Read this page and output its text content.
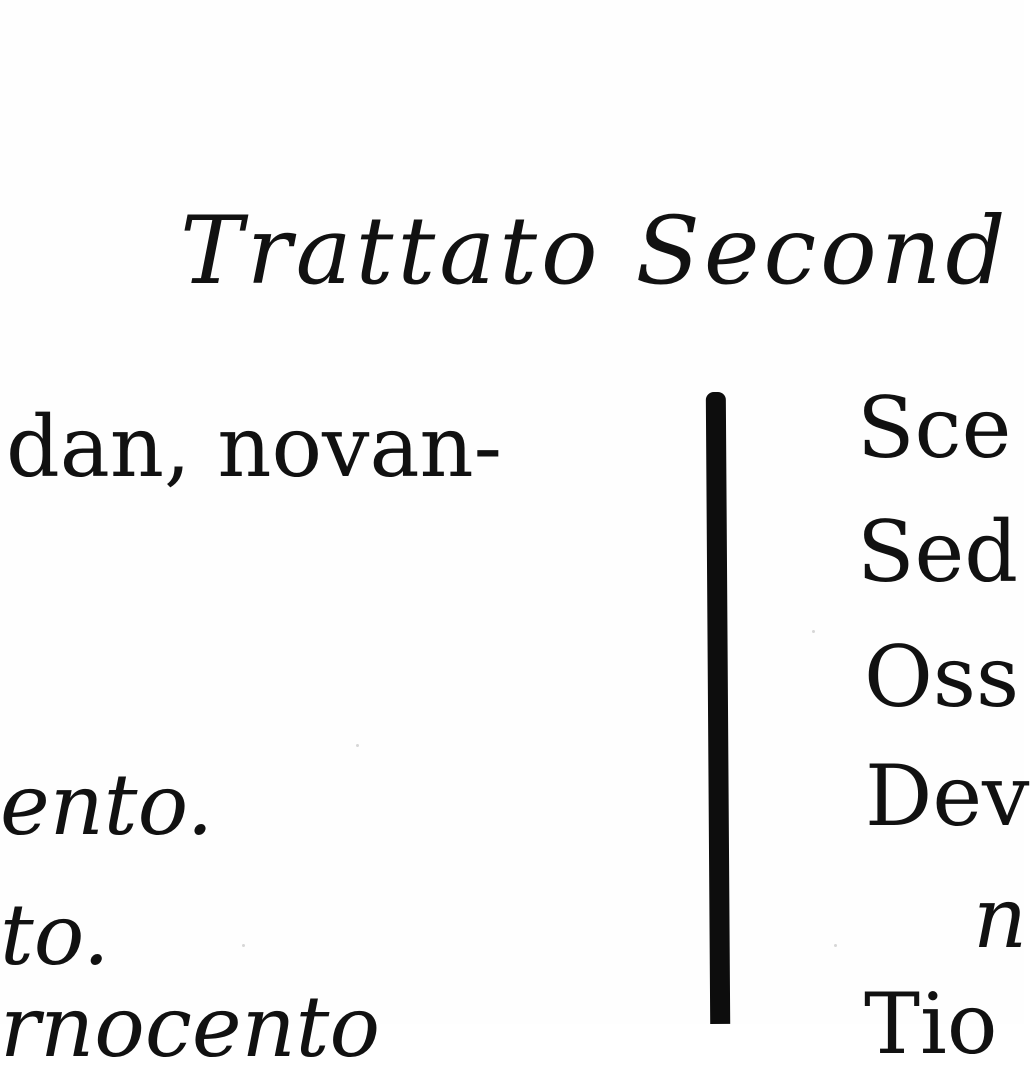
Trattato Second
dan, novan-
ento.
to.
rnocento
Sce
Sed
Oss
Dev
n
Tio
